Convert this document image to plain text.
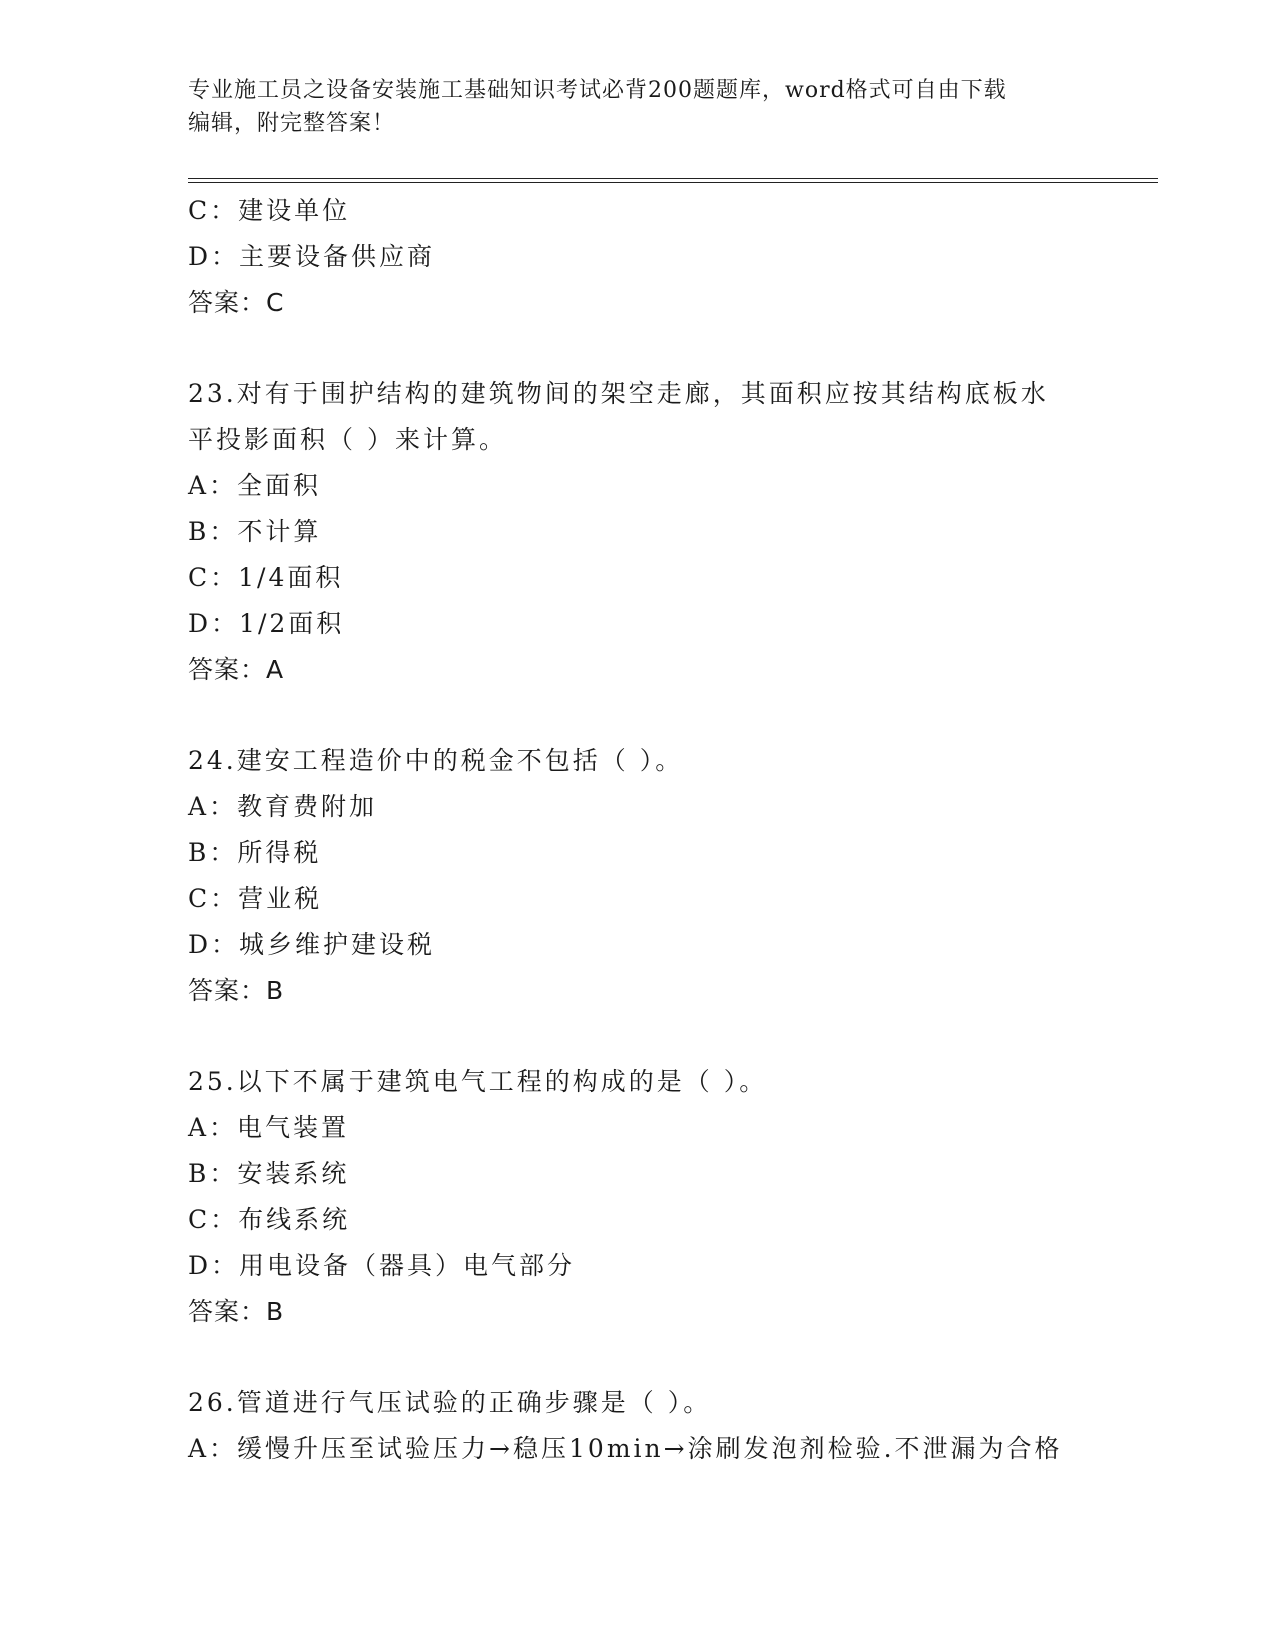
专业施工员之设备安装施工基础知识考试必背200题题库，word格式可自由下载
编辑，附完整答案！
C：建设单位
D：主要设备供应商
答案：C
23.对有于围护结构的建筑物间的架空走廊，其面积应按其结构底板水
平投影面积（ ）来计算。
A：全面积
B：不计算
C：1/4面积
D：1/2面积
答案：A
24.建安工程造价中的税金不包括（ ）。
A：教育费附加
B：所得税
C：营业税
D：城乡维护建设税
答案：B
25.以下不属于建筑电气工程的构成的是（ ）。
A：电气装置
B：安装系统
C：布线系统
D：用电设备（器具）电气部分
答案：B
26.管道进行气压试验的正确步骤是（ ）。
A：缓慢升压至试验压力→稳压10min→涂刷发泡剂检验.不泄漏为合格
